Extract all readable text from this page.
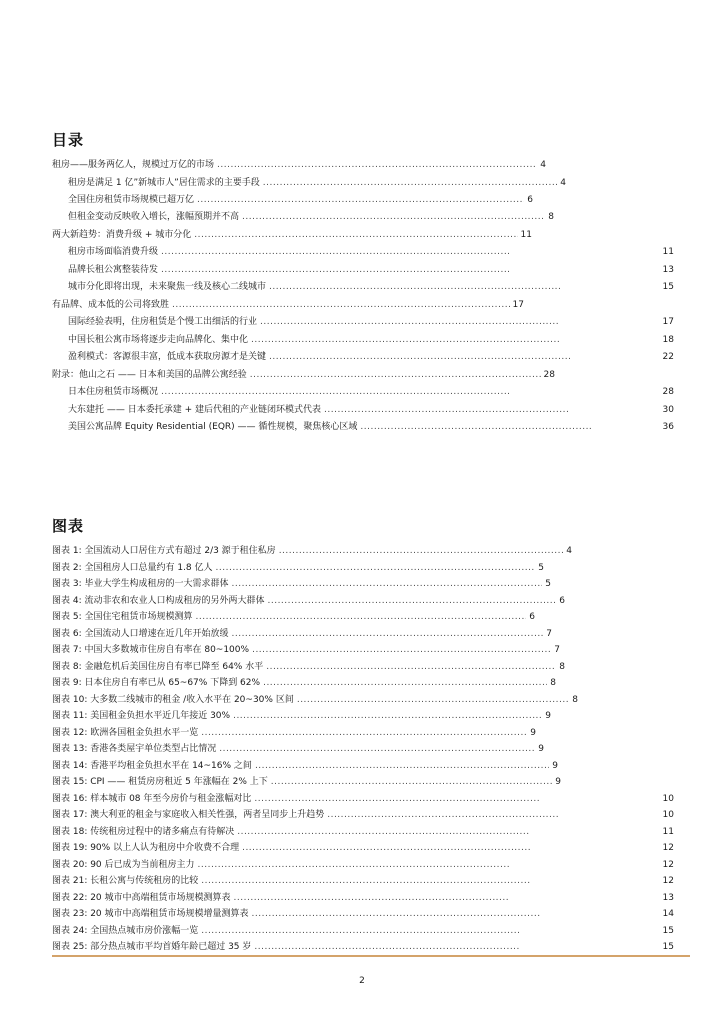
目录
租房——服务两亿人，规模过万亿的市场 .....	4
租房是满足 1 亿”新城市人”居住需求的主要手段 .....	4
全国住房租赁市场规模已超万亿 .....	6
但租金变动反映收入增长，涨幅预期并不高 .....	8
两大新趋势：消费升级 + 城市分化 .....	11
租房市场面临消费升级 .....	11
品牌长租公寓整装待发 .....	13
城市分化即将出现，未来聚焦一线及核心二线城市 .....	15
有品牌、成本低的公司将致胜 .....	17
国际经验表明，住房租赁是个慢工出细活的行业 .....	17
中国长租公寓市场将逐步走向品牌化、集中化 .....	18
盈利模式：客源很丰富，低成本获取房源才是关键 .....	22
附录：他山之石 —— 日本和美国的品牌公寓经验 .....	28
日本住房租赁市场概况 .....	28
大东建托 —— 日本委托承建 + 建后代租的产业链闭环模式代表 .....	30
美国公寓品牌 Equity Residential (EQR) —— 循性规模，聚焦核心区域 .....	36
图表
图表 1: 全国流动人口居住方式有超过 2/3 源于租住私房 .....	4
图表 2: 全国租房人口总量约有 1.8 亿人 .....	5
图表 3: 毕业大学生构成租房的一大需求群体 .....	5
图表 4: 流动非农和农业人口构成租房的另外两大群体 .....	6
图表 5: 全国住宅租赁市场规模测算 .....	6
图表 6: 全国流动人口增速在近几年开始放缓 .....	7
图表 7: 中国大多数城市住房自有率在 80~100% .....	7
图表 8: 金融危机后美国住房自有率已降至 64% 水平 .....	8
图表 9: 日本住房自有率已从 65~67% 下降到 62% .....	8
图表 10: 大多数二线城市的租金 /收入水平在 20~30% 区间 .....	8
图表 11: 美国租金负担水平近几年接近 30% .....	9
图表 12: 欧洲各国租金负担水平一览 .....	9
图表 13: 香港各类屋宇单位类型占比情况 .....	9
图表 14: 香港平均租金负担水平在 14~16% 之间 .....	9
图表 15: CPI —— 租赁房房租近 5 年涨幅在 2% 上下 .....	9
图表 16: 样本城市 08 年至今房价与租金涨幅对比 .....	10
图表 17: 澳大利亚的租金与家庭收入相关性强，两者呈同步上升趋势 .....	10
图表 18: 传统租房过程中的诸多痛点有待解决 .....	11
图表 19: 90% 以上人认为租房中介收费不合理 .....	12
图表 20: 90 后已成为当前租房主力 .....	12
图表 21: 长租公寓与传统租房的比较 .....	12
图表 22: 20 城市中高端租赁市场规模测算表 .....	13
图表 23: 20 城市中高端租赁市场规模增量测算表 .....	14
图表 24: 全国热点城市房价涨幅一览 .....	15
2
图表 25: 部分热点城市平均首婚年龄已超过 35 岁 .....	15
